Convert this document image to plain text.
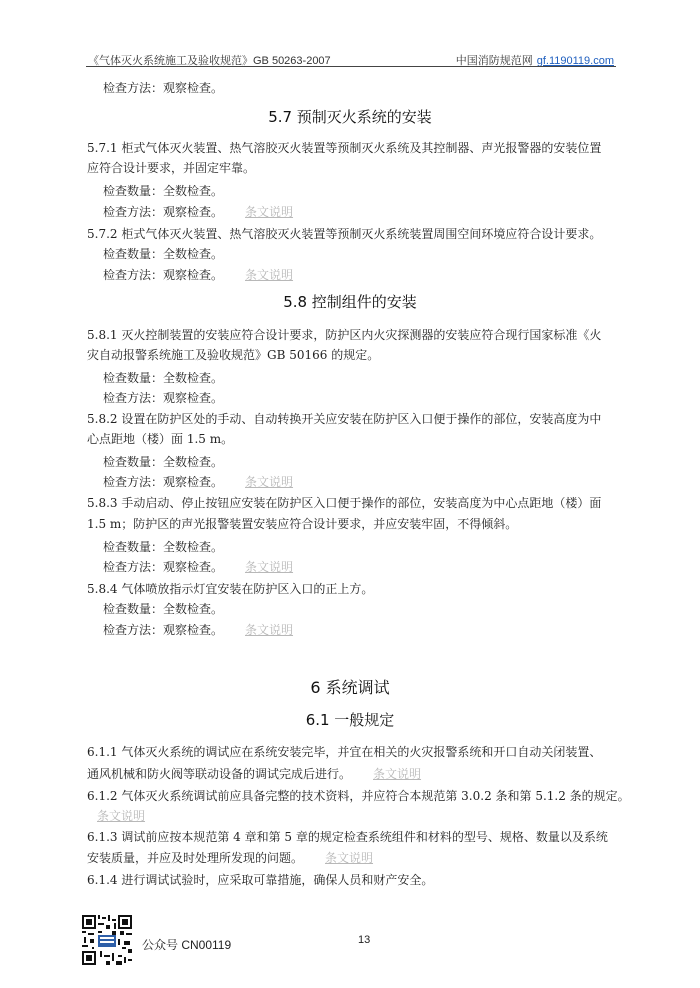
《气体灭火系统施工及验收规范》GB 50263-2007	中国消防规范网 gf.1190119.com
检查方法：观察检查。
5.7 预制灭火系统的安装
5.7.1 柜式气体灭火装置、热气溶胶灭火装置等预制灭火系统及其控制器、声光报警器的安装位置
应符合设计要求，并固定牢靠。
检查数量：全数检查。
检查方法：观察检查。 条文说明
5.7.2 柜式气体灭火装置、热气溶胶灭火装置等预制灭火系统装置周围空间环境应符合设计要求。
检查数量：全数检查。
检查方法：观察检查。 条文说明
5.8 控制组件的安装
5.8.1 灭火控制装置的安装应符合设计要求，防护区内火灾探测器的安装应符合现行国家标准《火
灾自动报警系统施工及验收规范》GB 50166 的规定。
检查数量：全数检查。
检查方法：观察检查。
5.8.2 设置在防护区处的手动、自动转换开关应安装在防护区入口便于操作的部位，安装高度为中
心点距地（楼）面 1.5 m。
检查数量：全数检查。
检查方法：观察检查。 条文说明
5.8.3 手动启动、停止按钮应安装在防护区入口便于操作的部位，安装高度为中心点距地（楼）面
1.5 m；防护区的声光报警装置安装应符合设计要求，并应安装牢固，不得倾斜。
检查数量：全数检查。
检查方法：观察检查。 条文说明
5.8.4 气体喷放指示灯宜安装在防护区入口的正上方。
检查数量：全数检查。
检查方法：观察检查。 条文说明
6 系统调试
6.1 一般规定
6.1.1 气体灭火系统的调试应在系统安装完毕，并宜在相关的火灾报警系统和开口自动关闭装置、
通风机械和防火阀等联动设备的调试完成后进行。 条文说明
6.1.2 气体灭火系统调试前应具备完整的技术资料，并应符合本规范第 3.0.2 条和第 5.1.2 条的规定。
条文说明
6.1.3 调试前应按本规范第 4 章和第 5 章的规定检查系统组件和材料的型号、规格、数量以及系统
安装质量，并应及时处理所发现的问题。 条文说明
6.1.4 进行调试试验时，应采取可靠措施，确保人员和财产安全。
公众号 CN00119	13
